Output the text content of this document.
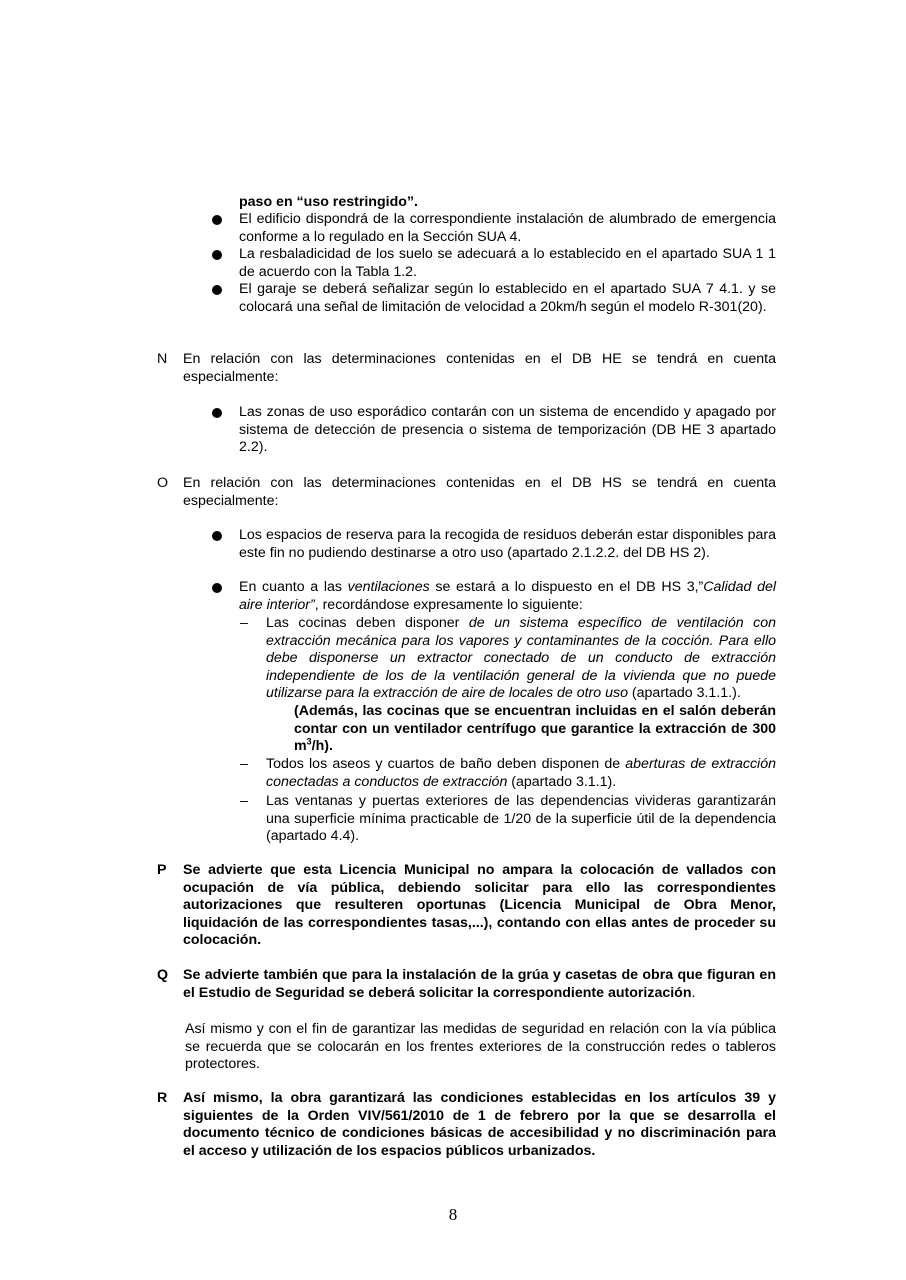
paso en “uso restringido”.
El edificio dispondrá de la correspondiente instalación de alumbrado de emergencia conforme a lo regulado en la Sección SUA 4.
La resbaladicidad de los suelo se adecuará a lo establecido en el apartado SUA 1 1 de acuerdo con la Tabla 1.2.
El garaje se deberá señalizar según lo establecido en el apartado SUA 7 4.1. y se colocará una señal de limitación de velocidad a 20km/h según el modelo R-301(20).
N En relación con las determinaciones contenidas en el DB HE se tendrá en cuenta especialmente:
Las zonas de uso esporádico contarán con un sistema de encendido y apagado por sistema de detección de presencia o sistema de temporización (DB HE 3 apartado 2.2).
O En relación con las determinaciones contenidas en el DB HS se tendrá en cuenta especialmente:
Los espacios de reserva para la recogida de residuos deberán estar disponibles para este fin no pudiendo destinarse a otro uso (apartado 2.1.2.2. del DB HS 2).
En cuanto a las ventilaciones se estará a lo dispuesto en el DB HS 3,”Calidad del aire interior”, recordándose expresamente lo siguiente:
– Las cocinas deben disponer de un sistema específico de ventilación con extracción mecánica para los vapores y contaminantes de la cocción. Para ello debe disponerse un extractor conectado de un conducto de extracción independiente de los de la ventilación general de la vivienda que no puede utilizarse para la extracción de aire de locales de otro uso (apartado 3.1.1.).
(Además, las cocinas que se encuentran incluidas en el salón deberán contar con un ventilador centrífugo que garantice la extracción de 300 $m^3/h$).
– Todos los aseos y cuartos de baño deben disponen de aberturas de extracción conectadas a conductos de extracción (apartado 3.1.1).
– Las ventanas y puertas exteriores de las dependencias vivideras garantizarán una superficie mínima practicable de 1/20 de la superficie útil de la dependencia (apartado 4.4).
P Se advierte que esta Licencia Municipal no ampara la colocación de vallados con ocupación de vía pública, debiendo solicitar para ello las correspondientes autorizaciones que resulteren oportunas (Licencia Municipal de Obra Menor, liquidación de las correspondientes tasas,...), contando con ellas antes de proceder su colocación.
Q Se advierte también que para la instalación de la grúa y casetas de obra que figuran en el Estudio de Seguridad se deberá solicitar la correspondiente autorización.
Así mismo y con el fin de garantizar las medidas de seguridad en relación con la vía pública se recuerda que se colocarán en los frentes exteriores de la construcción redes o tableros protectores.
R Así mismo, la obra garantizará las condiciones establecidas en los artículos 39 y siguientes de la Orden VIV/561/2010 de 1 de febrero por la que se desarrolla el documento técnico de condiciones básicas de accesibilidad y no discriminación para el acceso y utilización de los espacios públicos urbanizados.
8
